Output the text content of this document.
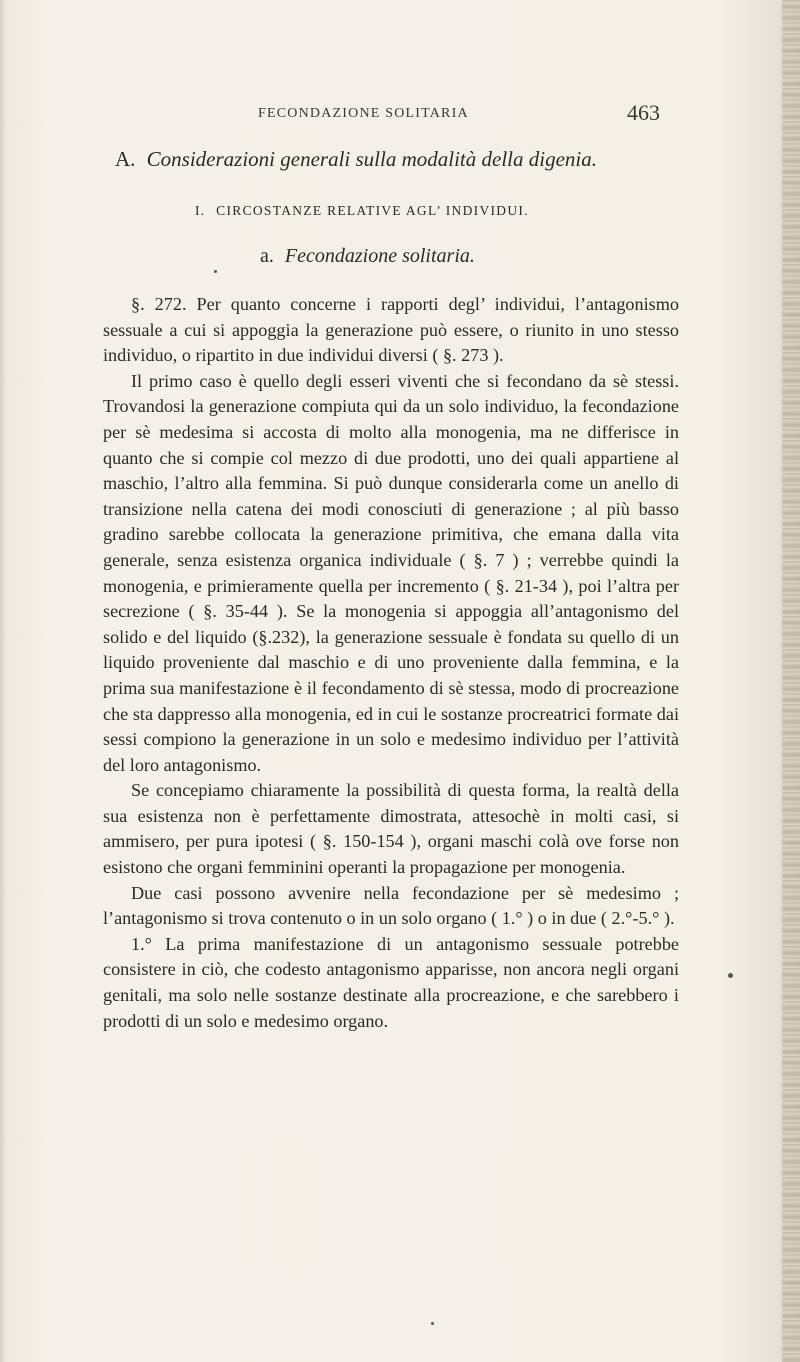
FECONDAZIONE SOLITARIA	463
A. Considerazioni generali sulla modalità della digenia.
I. CIRCOSTANZE RELATIVE AGL’ INDIVIDUI.
a. Fecondazione solitaria.

§. 272. Per quanto concerne i rapporti degl’ individui, l’antagonismo sessuale a cui si appoggia la generazione può essere, o riunito in uno stesso individuo, o ripartito in due individui diversi ( §. 273 ).

Il primo caso è quello degli esseri viventi che si fecondano da sè stessi. Trovandosi la generazione compiuta qui da un solo individuo, la fecondazione per sè medesima si accosta di molto alla monogenia, ma ne differisce in quanto che si compie col mezzo di due prodotti, uno dei quali appartiene al maschio, l’altro alla femmina. Si può dunque considerarla come un anello di transizione nella catena dei modi conosciuti di generazione ; al più basso gradino sarebbe collocata la generazione primitiva, che emana dalla vita generale, senza esistenza organica individuale ( §. 7 ) ; verrebbe quindi la monogenia, e primieramente quella per incremento ( §. 21-34 ), poi l’altra per secrezione ( §. 35-44 ). Se la monogenia si appoggia all’antagonismo del solido e del liquido (§.232), la generazione sessuale è fondata su quello di un liquido proveniente dal maschio e di uno proveniente dalla femmina, e la prima sua manifestazione è il fecondamento di sè stessa, modo di procreazione che sta dappresso alla monogenia, ed in cui le sostanze procreatrici formate dai sessi compiono la generazione in un solo e medesimo individuo per l’attività del loro antagonismo.

Se concepiamo chiaramente la possibilità di questa forma, la realtà della sua esistenza non è perfettamente dimostrata, attesochè in molti casi, si ammisero, per pura ipotesi ( §. 150-154 ), organi maschi colà ove forse non esistono che organi femminini operanti la propagazione per monogenia.

Due casi possono avvenire nella fecondazione per sè medesimo ; l’antagonismo si trova contenuto o in un solo organo ( 1.° ) o in due ( 2.°-5.° ).

1.° La prima manifestazione di un antagonismo sessuale potrebbe consistere in ciò, che codesto antagonismo apparisse, non ancora negli organi genitali, ma solo nelle sostanze destinate alla procreazione, e che sarebbero i prodotti di un solo e medesimo organo.
